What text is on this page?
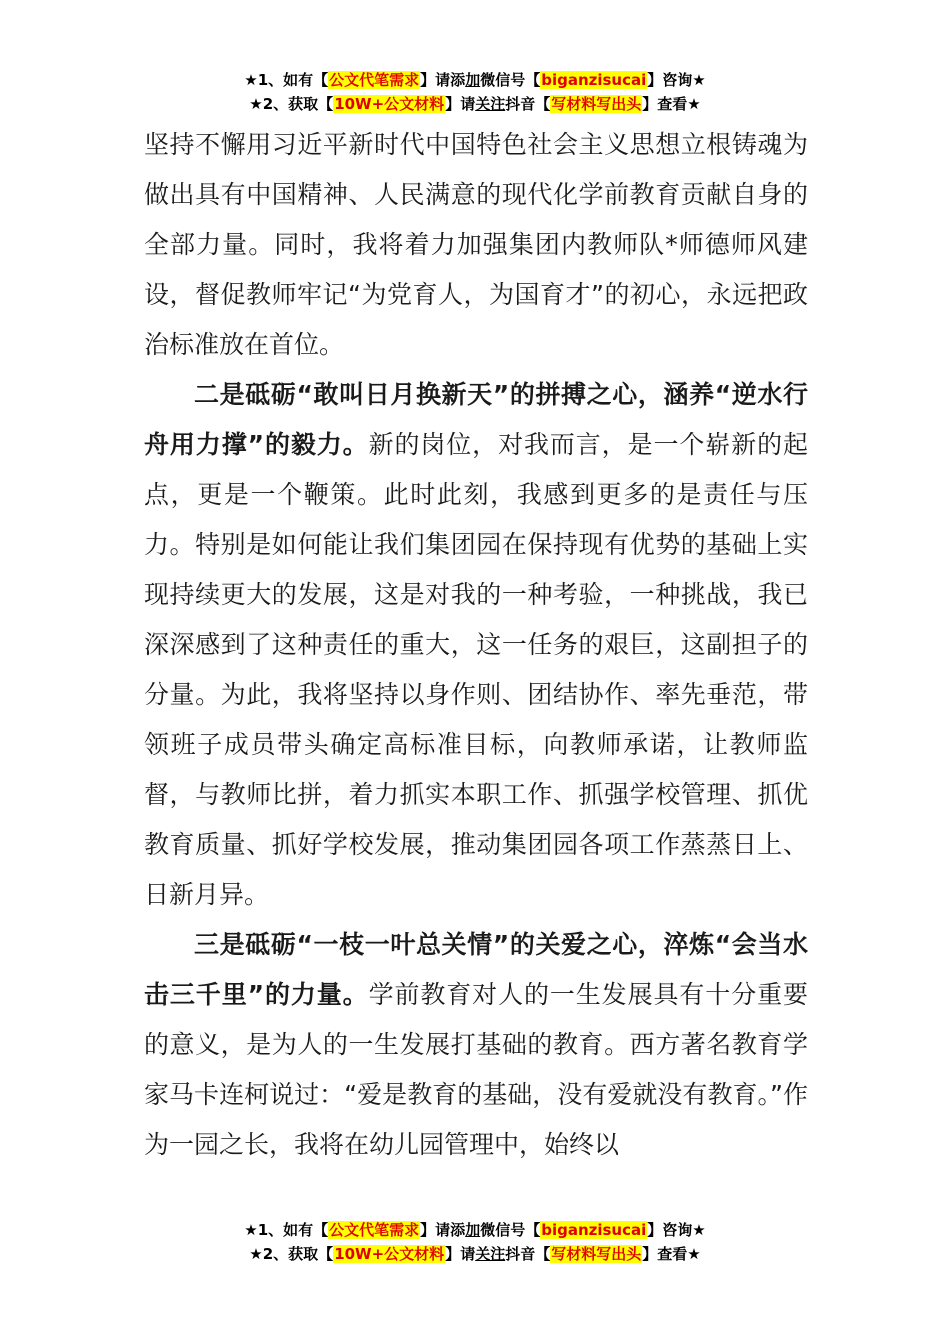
★1、如有【公文代笔需求】请添加微信号【biganzisucai】咨询★
★2、获取【10W+公文材料】请关注抖音【写材料写出头】查看★

坚持不懈用习近平新时代中国特色社会主义思想立根铸魂为做出具有中国精神、人民满意的现代化学前教育贡献自身的全部力量。同时，我将着力加强集团内教师队*师德师风建设，督促教师牢记“为党育人，为国育才”的初心，永远把政治标准放在首位。

二是砥砺“敢叫日月换新天”的拼搏之心，涵养“逆水行舟用力撑”的毅力。新的岗位，对我而言，是一个崭新的起点，更是一个鞭策。此时此刻，我感到更多的是责任与压力。特别是如何能让我们集团园在保持现有优势的基础上实现持续更大的发展，这是对我的一种考验，一种挑战，我已深深感到了这种责任的重大，这一任务的艰巨，这副担子的分量。为此，我将坚持以身作则、团结协作、率先垂范，带领班子成员带头确定高标准目标，向教师承诺，让教师监督，与教师比拼，着力抓实本职工作、抓强学校管理、抓优教育质量、抓好学校发展，推动集团园各项工作蒸蒸日上、日新月异。

三是砥砺“一枝一叶总关情”的关爱之心，淬炼“会当水击三千里”的力量。学前教育对人的一生发展具有十分重要的意义，是为人的一生发展打基础的教育。西方著名教育学家马卡连柯说过：“爱是教育的基础，没有爱就没有教育。”作为一园之长，我将在幼儿园管理中，始终以

★1、如有【公文代笔需求】请添加微信号【biganzisucai】咨询★
★2、获取【10W+公文材料】请关注抖音【写材料写出头】查看★
